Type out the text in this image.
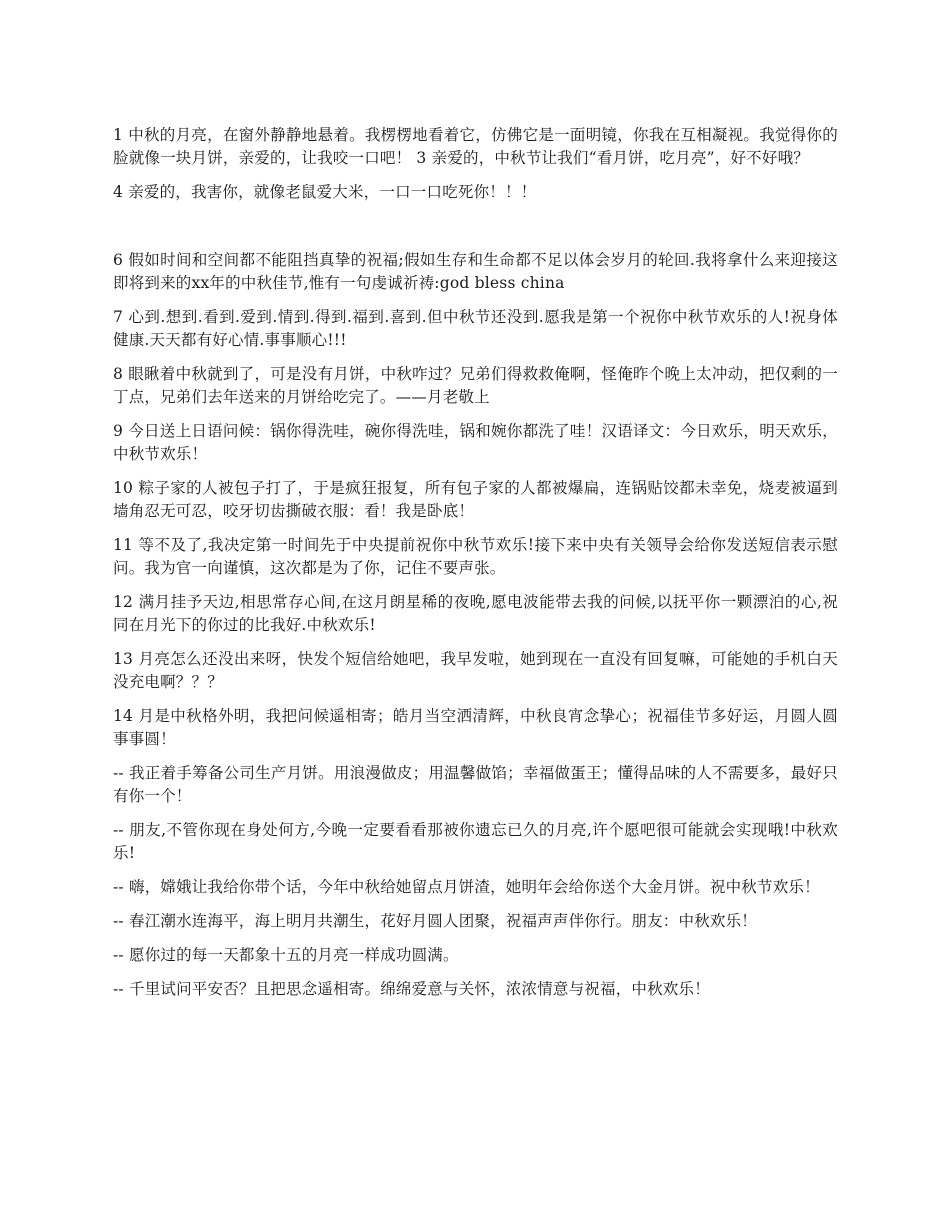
1 中秋的月亮，在窗外静静地悬着。我楞楞地看着它，仿佛它是一面明镜，你我在互相凝视。我觉得你的脸就像一块月饼，亲爱的，让我咬一口吧！ 3 亲爱的，中秋节让我们“看月饼，吃月亮”，好不好哦？

4 亲爱的，我害你，就像老鼠爱大米，一口一口吃死你！！！

6 假如时间和空间都不能阻挡真挚的祝福;假如生存和生命都不足以体会岁月的轮回.我将拿什么来迎接这即将到来的xx年的中秋佳节,惟有一句虔诚祈祷:god bless china

7 心到.想到.看到.爱到.情到.得到.福到.喜到.但中秋节还没到.愿我是第一个祝你中秋节欢乐的人!祝身体健康.天天都有好心情.事事顺心!!!

8 眼瞅着中秋就到了，可是没有月饼，中秋咋过？兄弟们得救救俺啊，怪俺昨个晚上太冲动，把仅剩的一丁点，兄弟们去年送来的月饼给吃完了。——月老敬上

9 今日送上日语问候：锅你得洗哇，碗你得洗哇，锅和婉你都洗了哇！汉语译文：今日欢乐，明天欢乐，中秋节欢乐！

10 粽子家的人被包子打了，于是疯狂报复，所有包子家的人都被爆扁，连锅贴饺都未幸免，烧麦被逼到墙角忍无可忍，咬牙切齿撕破衣服：看！我是卧底！

11 等不及了,我决定第一时间先于中央提前祝你中秋节欢乐!接下来中央有关领导会给你发送短信表示慰问。我为官一向谨慎，这次都是为了你，记住不要声张。

12 满月挂予天边,相思常存心间,在这月朗星稀的夜晚,愿电波能带去我的问候,以抚平你一颗漂泊的心,祝同在月光下的你过的比我好.中秋欢乐!

13 月亮怎么还没出来呀，快发个短信给她吧，我早发啦，她到现在一直没有回复嘛，可能她的手机白天没充电啊？？？

14 月是中秋格外明，我把问候遥相寄；皓月当空洒清辉，中秋良宵念挚心；祝福佳节多好运，月圆人圆事事圆！

-- 我正着手筹备公司生产月饼。用浪漫做皮；用温馨做馅；幸福做蛋王；懂得品味的人不需要多，最好只有你一个！

-- 朋友,不管你现在身处何方,今晚一定要看看那被你遗忘已久的月亮,许个愿吧很可能就会实现哦!中秋欢乐!

-- 嗨，嫦娥让我给你带个话，今年中秋给她留点月饼渣，她明年会给你送个大金月饼。祝中秋节欢乐！

-- 春江潮水连海平，海上明月共潮生，花好月圆人团聚，祝福声声伴你行。朋友：中秋欢乐！

-- 愿你过的每一天都象十五的月亮一样成功圆满。

-- 千里试问平安否？且把思念遥相寄。绵绵爱意与关怀，浓浓情意与祝福，中秋欢乐！
